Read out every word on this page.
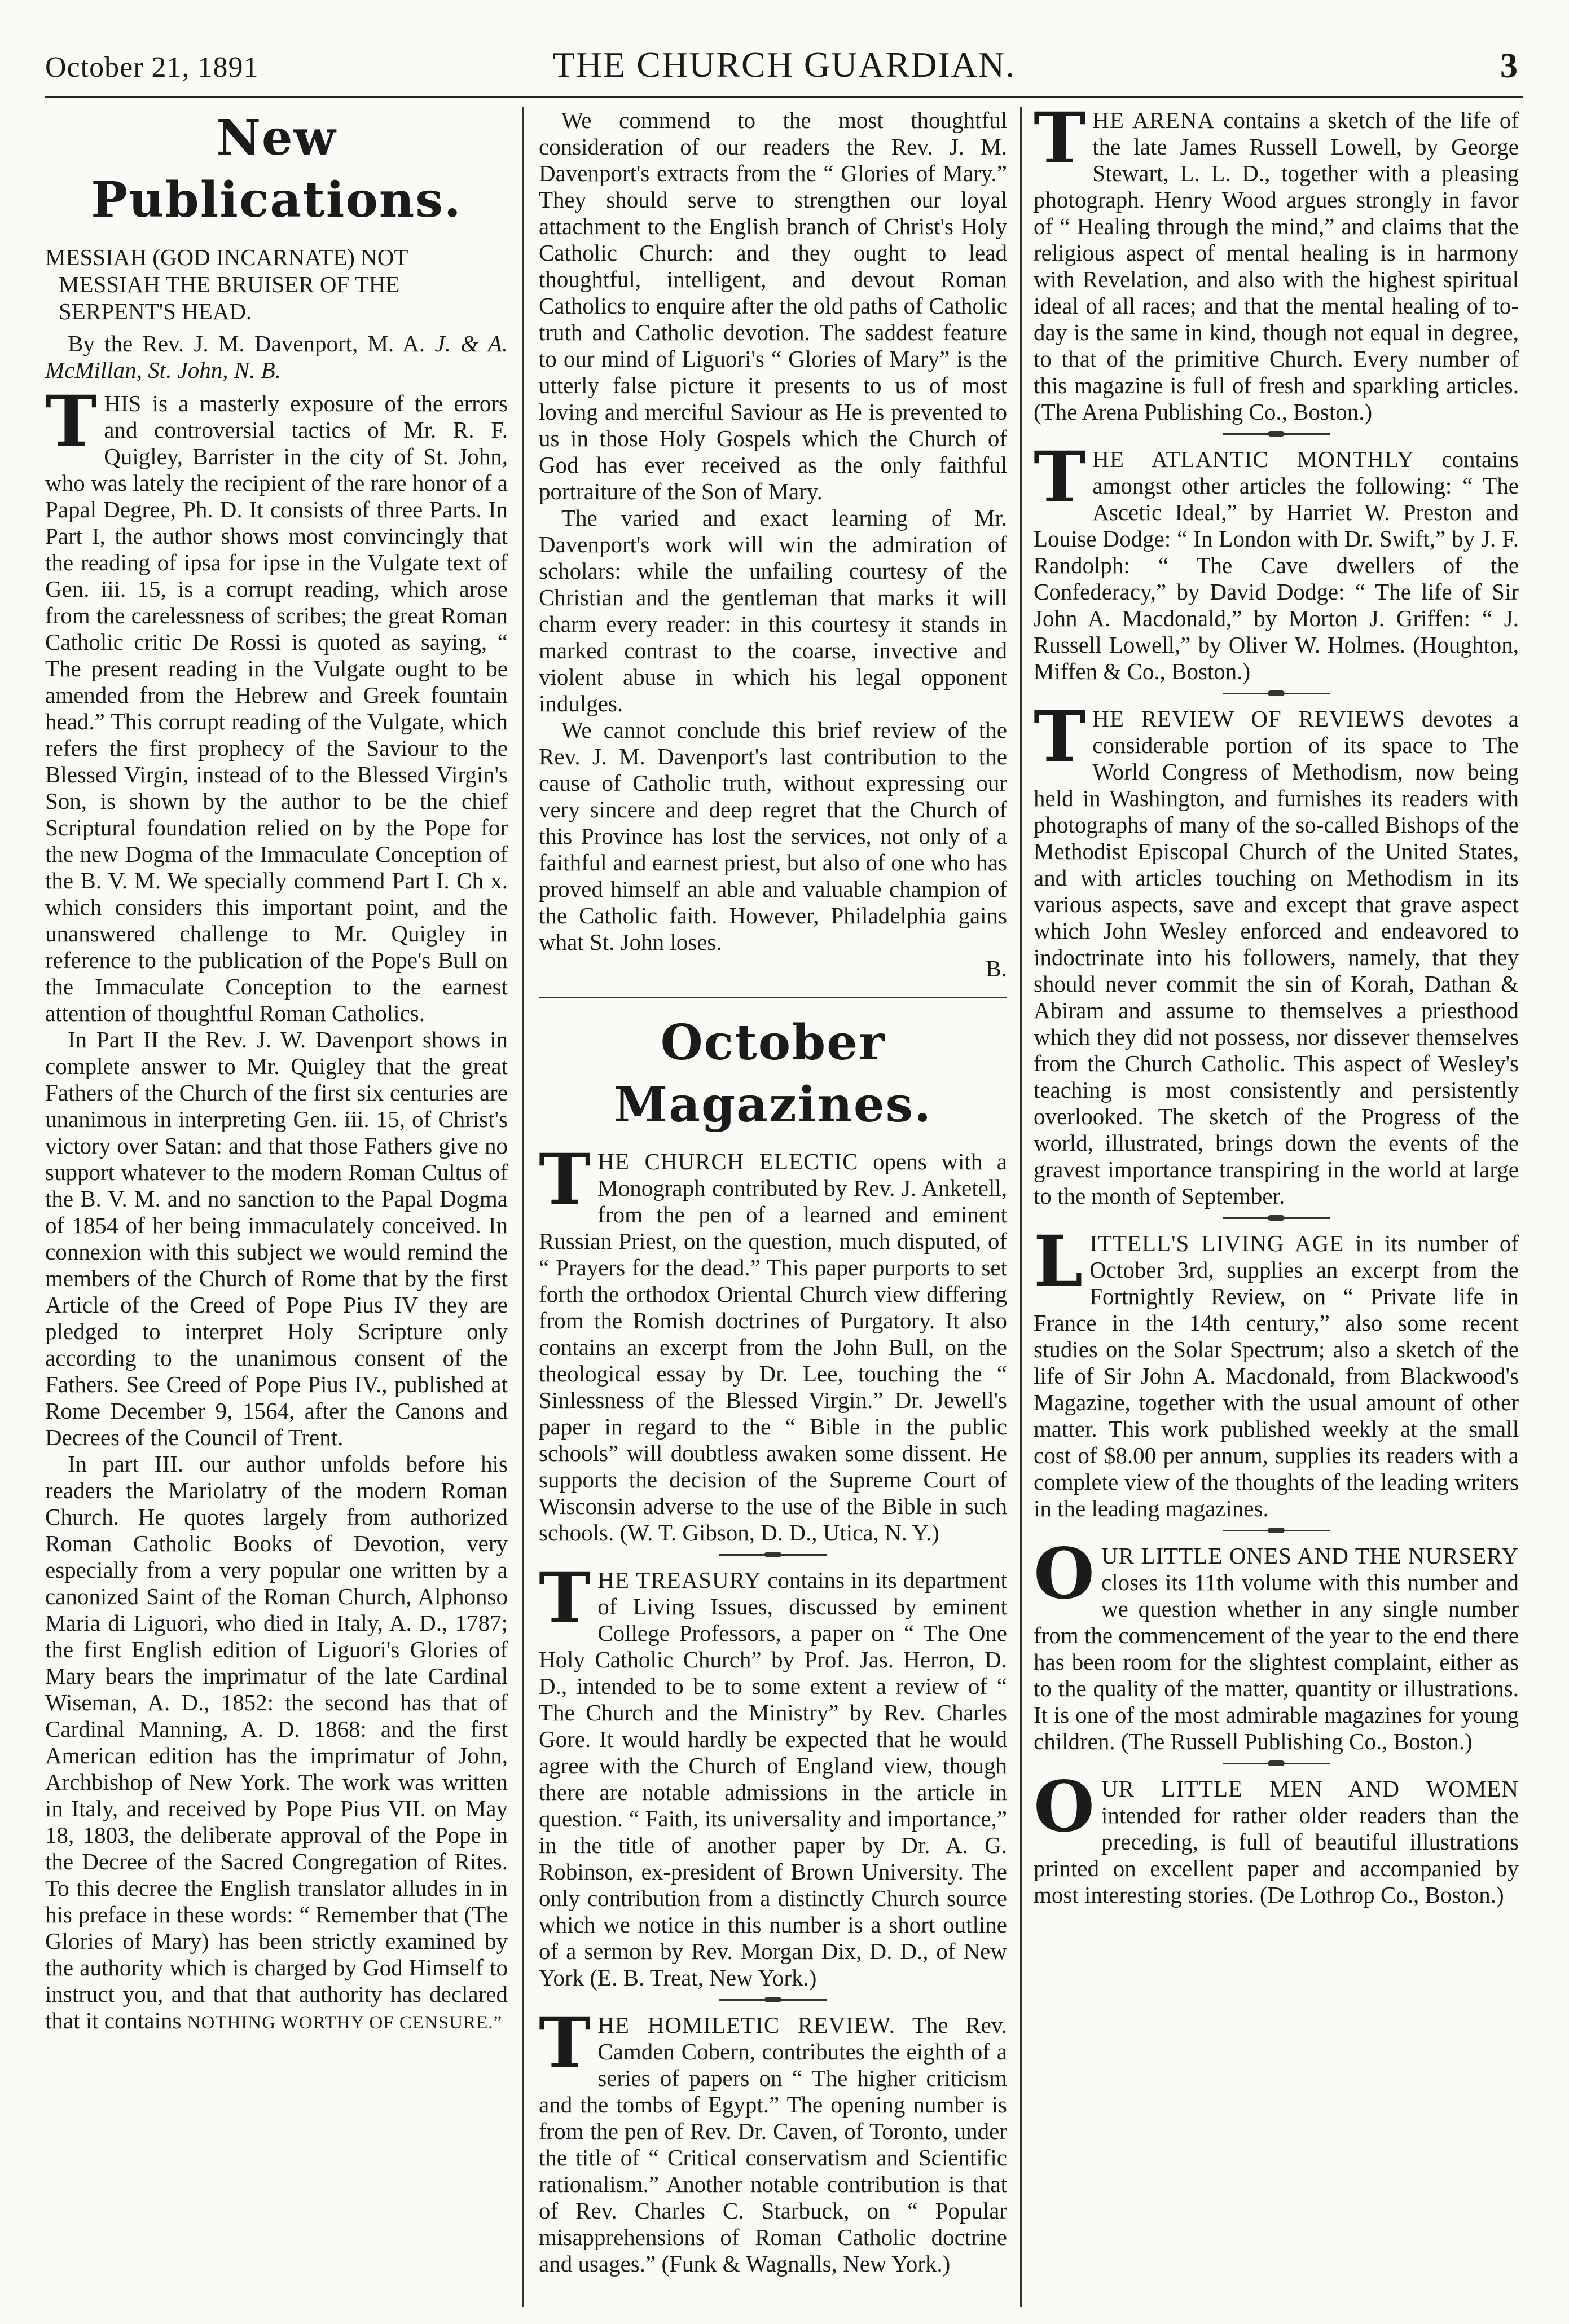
October 21, 1891	THE CHURCH GUARDIAN.	3
New Publications.
MESSIAH (GOD INCARNATE) NOT MESSIAH THE BRUISER OF THE SERPENT'S HEAD.
By the Rev. J. M. Davenport, M. A. J. & A. McMillan, St. John, N. B.

THIS is a masterly exposure of the errors and controversial tactics of Mr. R. F. Quigley, Barrister in the city of St. John, who was lately the recipient of the rare honor of a Papal Degree, Ph. D. It consists of three Parts. In Part I, the author shows most convincingly that the reading of ipsa for ipse in the Vulgate text of Gen. iii. 15, is a corrupt reading, which arose from the carelessness of scribes; the great Roman Catholic critic De Rossi is quoted as saying, “ The present reading in the Vulgate ought to be amended from the Hebrew and Greek fountain head.” This corrupt reading of the Vulgate, which refers the first prophecy of the Saviour to the Blessed Virgin, instead of to the Blessed Virgin's Son, is shown by the author to be the chief Scriptural foundation relied on by the Pope for the new Dogma of the Immaculate Conception of the B. V. M. We specially commend Part I. Ch x. which considers this important point, and the unanswered challenge to Mr. Quigley in reference to the publication of the Pope's Bull on the Immaculate Conception to the earnest attention of thoughtful Roman Catholics.

In Part II the Rev. J. W. Davenport shows in complete answer to Mr. Quigley that the great Fathers of the Church of the first six centuries are unanimous in interpreting Gen. iii. 15, of Christ's victory over Satan: and that those Fathers give no support whatever to the modern Roman Cultus of the B. V. M. and no sanction to the Papal Dogma of 1854 of her being immaculately conceived. In connexion with this subject we would remind the members of the Church of Rome that by the first Article of the Creed of Pope Pius IV they are pledged to interpret Holy Scripture only according to the unanimous consent of the Fathers. See Creed of Pope Pius IV., published at Rome December 9, 1564, after the Canons and Decrees of the Council of Trent.

In part III. our author unfolds before his readers the Mariolatry of the modern Roman Church. He quotes largely from authorized Roman Catholic Books of Devotion, very especially from a very popular one written by a canonized Saint of the Roman Church, Alphonso Maria di Liguori, who died in Italy, A. D., 1787; the first English edition of Liguori's Glories of Mary bears the imprimatur of the late Cardinal Wiseman, A. D., 1852: the second has that of Cardinal Manning, A. D. 1868: and the first American edition has the imprimatur of John, Archbishop of New York. The work was written in Italy, and received by Pope Pius VII. on May 18, 1803, the deliberate approval of the Pope in the Decree of the Sacred Congregation of Rites. To this decree the English translator alludes in in his preface in these words: “ Remember that (The Glories of Mary) has been strictly examined by the authority which is charged by God Himself to instruct you, and that that authority has declared that it contains NOTHING WORTHY OF CENSURE.”

We commend to the most thoughtful consideration of our readers the Rev. J. M. Davenport's extracts from the “ Glories of Mary.” They should serve to strengthen our loyal attachment to the English branch of Christ's Holy Catholic Church: and they ought to lead thoughtful, intelligent, and devout Roman Catholics to enquire after the old paths of Catholic truth and Catholic devotion. The saddest feature to our mind of Liguori's “ Glories of Mary” is the utterly false picture it presents to us of most loving and merciful Saviour as He is prevented to us in those Holy Gospels which the Church of God has ever received as the only faithful portraiture of the Son of Mary.

The varied and exact learning of Mr. Davenport's work will win the admiration of scholars: while the unfailing courtesy of the Christian and the gentleman that marks it will charm every reader: in this courtesy it stands in marked contrast to the coarse, invective and violent abuse in which his legal opponent indulges.

We cannot conclude this brief review of the Rev. J. M. Davenport's last contribution to the cause of Catholic truth, without expressing our very sincere and deep regret that the Church of this Province has lost the services, not only of a faithful and earnest priest, but also of one who has proved himself an able and valuable champion of the Catholic faith. However, Philadelphia gains what St. John loses.

B.
October Magazines.

THE CHURCH ELECTIC opens with a Monograph contributed by Rev. J. Anketell, from the pen of a learned and eminent Russian Priest, on the question, much disputed, of “ Prayers for the dead.” This paper purports to set forth the orthodox Oriental Church view differing from the Romish doctrines of Purgatory. It also contains an excerpt from the John Bull, on the theological essay by Dr. Lee, touching the “ Sinlessness of the Blessed Virgin.” Dr. Jewell's paper in regard to the “ Bible in the public schools” will doubtless awaken some dissent. He supports the decision of the Supreme Court of Wisconsin adverse to the use of the Bible in such schools. (W. T. Gibson, D. D., Utica, N. Y.)

THE TREASURY contains in its department of Living Issues, discussed by eminent College Professors, a paper on “ The One Holy Catholic Church” by Prof. Jas. Herron, D. D., intended to be to some extent a review of “ The Church and the Ministry” by Rev. Charles Gore. It would hardly be expected that he would agree with the Church of England view, though there are notable admissions in the article in question. “ Faith, its universality and importance,” in the title of another paper by Dr. A. G. Robinson, ex-president of Brown University. The only contribution from a distinctly Church source which we notice in this number is a short outline of a sermon by Rev. Morgan Dix, D. D., of New York (E. B. Treat, New York.)

THE HOMILETIC REVIEW. The Rev. Camden Cobern, contributes the eighth of a series of papers on “ The higher criticism and the tombs of Egypt.” The opening number is from the pen of Rev. Dr. Caven, of Toronto, under the title of “ Critical conservatism and Scientific rationalism.” Another notable contribution is that of Rev. Charles C. Starbuck, on “ Popular misapprehensions of Roman Catholic doctrine and usages.” (Funk & Wagnalls, New York.)

THE ARENA contains a sketch of the life of the late James Russell Lowell, by George Stewart, L. L. D., together with a pleasing photograph. Henry Wood argues strongly in favor of “ Healing through the mind,” and claims that the religious aspect of mental healing is in harmony with Revelation, and also with the highest spiritual ideal of all races; and that the mental healing of to-day is the same in kind, though not equal in degree, to that of the primitive Church. Every number of this magazine is full of fresh and sparkling articles. (The Arena Publishing Co., Boston.)

THE ATLANTIC MONTHLY contains amongst other articles the following: “ The Ascetic Ideal,” by Harriet W. Preston and Louise Dodge: “ In London with Dr. Swift,” by J. F. Randolph: “ The Cave dwellers of the Confederacy,” by David Dodge: “ The life of Sir John A. Macdonald,” by Morton J. Griffen: “ J. Russell Lowell,” by Oliver W. Holmes. (Houghton, Miffen & Co., Boston.)

THE REVIEW OF REVIEWS devotes a considerable portion of its space to The World Congress of Methodism, now being held in Washington, and furnishes its readers with photographs of many of the so-called Bishops of the Methodist Episcopal Church of the United States, and with articles touching on Methodism in its various aspects, save and except that grave aspect which John Wesley enforced and endeavored to indoctrinate into his followers, namely, that they should never commit the sin of Korah, Dathan & Abiram and assume to themselves a priesthood which they did not possess, nor dissever themselves from the Church Catholic. This aspect of Wesley's teaching is most consistently and persistently overlooked. The sketch of the Progress of the world, illustrated, brings down the events of the gravest importance transpiring in the world at large to the month of September.

LITTELL'S LIVING AGE in its number of October 3rd, supplies an excerpt from the Fortnightly Review, on “ Private life in France in the 14th century,” also some recent studies on the Solar Spectrum; also a sketch of the life of Sir John A. Macdonald, from Blackwood's Magazine, together with the usual amount of other matter. This work published weekly at the small cost of $8.00 per annum, supplies its readers with a complete view of the thoughts of the leading writers in the leading magazines.

OUR LITTLE ONES AND THE NURSERY closes its 11th volume with this number and we question whether in any single number from the commencement of the year to the end there has been room for the slightest complaint, either as to the quality of the matter, quantity or illustrations. It is one of the most admirable magazines for young children. (The Russell Publishing Co., Boston.)

OUR LITTLE MEN AND WOMEN intended for rather older readers than the preceding, is full of beautiful illustrations printed on excellent paper and accompanied by most interesting stories. (De Lothrop Co., Boston.)
